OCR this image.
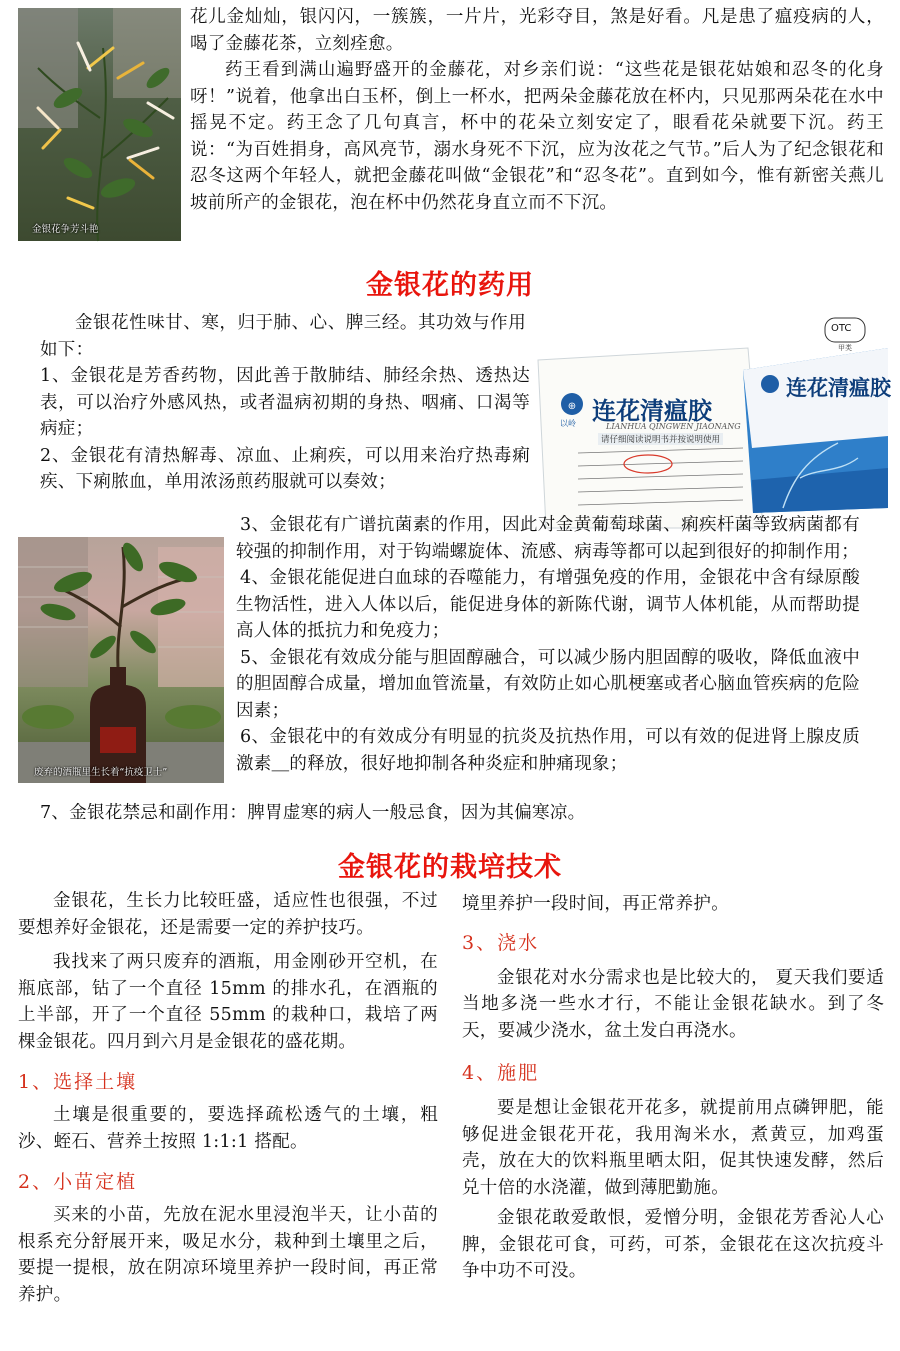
金银花争芳斗艳

花儿金灿灿，银闪闪，一簇簇，一片片，光彩夺目，煞是好看。凡是患了瘟疫病的人，喝了金藤花茶，立刻痊愈。

药王看到满山遍野盛开的金藤花，对乡亲们说：“这些花是银花姑娘和忍冬的化身呀！”说着，他拿出白玉杯，倒上一杯水，把两朵金藤花放在杯内，只见那两朵花在水中摇晃不定。药王念了几句真言，杯中的花朵立刻安定了，眼看花朵就要下沉。药王说：“为百姓捐身，高风亮节，溺水身死不下沉，应为汝花之气节。”后人为了纪念银花和忍冬这两个年轻人，就把金藤花叫做“金银花”和“忍冬花”。直到如今，惟有新密关燕儿坡前所产的金银花，泡在杯中仍然花身直立而不下沉。

金银花的药用

金银花性味甘、寒，归于肺、心、脾三经。其功效与作用如下：

1、金银花是芳香药物，因此善于散肺结、肺经余热、透热达表，可以治疗外感风热，或者温病初期的身热、咽痛、口渴等病症；

2、金银花有清热解毒、凉血、止痢疾，可以用来治疗热毒痢疾、下痢脓血，单用浓汤煎药服就可以奏效；

⊕ 连花清瘟胶
连花清瘟胶
LIANHUA QINGWEN JIAONANG
请仔细阅读说明书并按说明使用
OTC
甲类
以岭
废弃的酒瓶里生长着“抗疫卫士”

3、金银花有广谱抗菌素的作用，因此对金黄葡萄球菌、痢疾杆菌等致病菌都有较强的抑制作用，对于钩端螺旋体、流感、病毒等都可以起到很好的抑制作用；

4、金银花能促进白血球的吞噬能力，有增强免疫的作用，金银花中含有绿原酸生物活性，进入人体以后，能促进身体的新陈代谢，调节人体机能，从而帮助提高人体的抵抗力和免疫力；

5、金银花有效成分能与胆固醇融合，可以减少肠内胆固醇的吸收，降低血液中的胆固醇合成量，增加血管流量，有效防止如心肌梗塞或者心脑血管疾病的危险因素；

6、金银花中的有效成分有明显的抗炎及抗热作用，可以有效的促进肾上腺皮质激素＿的释放，很好地抑制各种炎症和肿痛现象；

7、金银花禁忌和副作用：脾胃虚寒的病人一般忌食，因为其偏寒凉。

金银花的栽培技术

金银花，生长力比较旺盛，适应性也很强，不过要想养好金银花，还是需要一定的养护技巧。

我找来了两只废弃的酒瓶，用金刚砂开空机，在瓶底部，钻了一个直径 15mm 的排水孔，在酒瓶的上半部，开了一个直径 55mm 的栽种口，栽培了两棵金银花。四月到六月是金银花的盛花期。

1、选择土壤

土壤是很重要的，要选择疏松透气的土壤，粗沙、蛭石、营养土按照 1:1:1 搭配。

2、小苗定植

买来的小苗，先放在泥水里浸泡半天，让小苗的根系充分舒展开来，吸足水分，栽种到土壤里之后，要提一提根，放在阴凉环境里养护一段时间，再正常养护。

境里养护一段时间，再正常养护。

3、浇水

金银花对水分需求也是比较大的， 夏天我们要适当地多浇一些水才行，不能让金银花缺水。到了冬天，要减少浇水，盆土发白再浇水。

4、施肥

要是想让金银花开花多，就提前用点磷钾肥，能够促进金银花开花，我用淘米水，煮黄豆，加鸡蛋壳，放在大的饮料瓶里晒太阳，促其快速发酵，然后兑十倍的水浇灌，做到薄肥勤施。

金银花敢爱敢恨，爱憎分明，金银花芳香沁人心脾，金银花可食，可药，可茶，金银花在这次抗疫斗争中功不可没。
